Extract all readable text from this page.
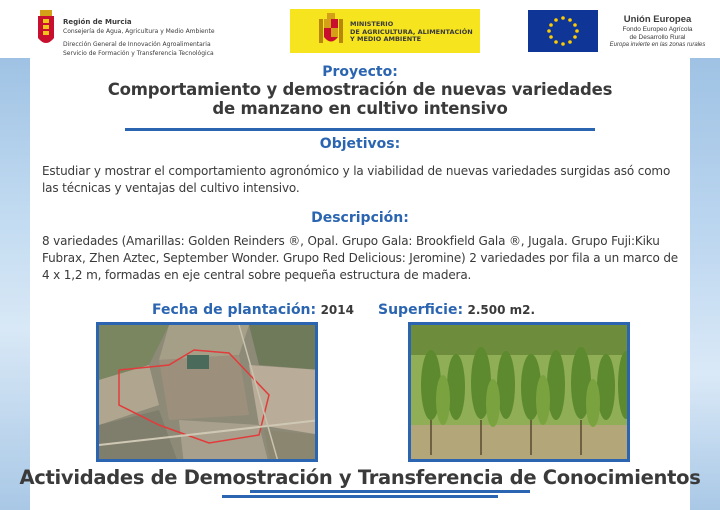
Región de Murcia
Consejería de Agua, Agricultura y Medio Ambiente
Dirección General de Innovación Agroalimentaria
Servicio de Formación y Transferencia Tecnológica
MINISTERIO
DE AGRICULTURA, ALIMENTACIÓN
Y MEDIO AMBIENTE
Unión Europea
Fondo Europeo Agrícola
de Desarrollo Rural
Europa invierte en las zonas rurales
Proyecto:
Comportamiento y demostración de nuevas variedades
de manzano en cultivo intensivo
Objetivos:
Estudiar y mostrar el comportamiento agronómico y la viabilidad de nuevas variedades surgidas asó como las técnicas y ventajas del cultivo intensivo.
Descripción:
8 variedades (Amarillas: Golden Reinders ®, Opal. Grupo Gala: Brookfield Gala ®, Jugala. Grupo Fuji:Kiku Fubrax, Zhen Aztec, September Wonder. Grupo Red Delicious: Jeromine) 2 variedades por fila a un marco de 4 x 1,2 m, formadas en eje central sobre pequeña estructura de madera.
Fecha de plantación: 2014 Superficie: 2.500 m2.
Actividades de Demostración y Transferencia de Conocimientos
